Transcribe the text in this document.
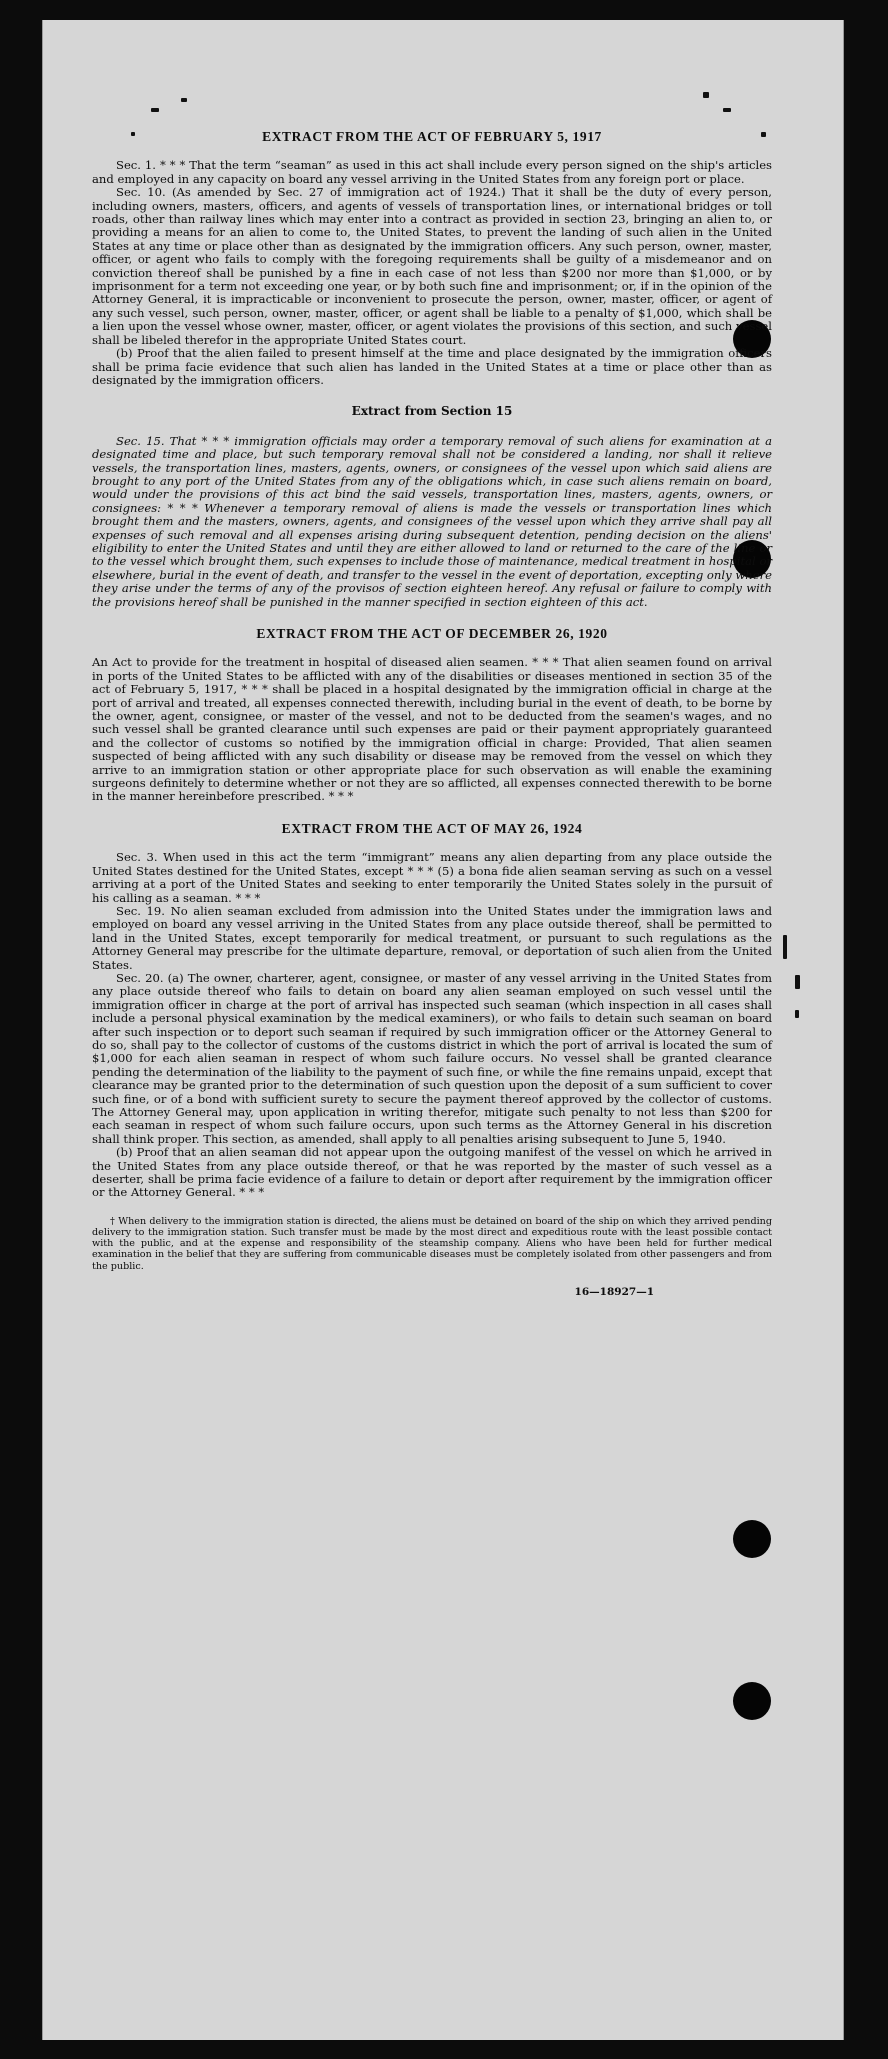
EXTRACT FROM THE ACT OF FEBRUARY 5, 1917

Sec. 1. * * * That the term “seaman” as used in this act shall include every person signed on the ship's articles and employed in any capacity on board any vessel arriving in the United States from any foreign port or place.

Sec. 10. (As amended by Sec. 27 of immigration act of 1924.) That it shall be the duty of every person, including owners, masters, officers, and agents of vessels of transportation lines, or international bridges or toll roads, other than railway lines which may enter into a contract as provided in section 23, bringing an alien to, or providing a means for an alien to come to, the United States, to prevent the landing of such alien in the United States at any time or place other than as designated by the immigration officers. Any such person, owner, master, officer, or agent who fails to comply with the foregoing requirements shall be guilty of a misdemeanor and on conviction thereof shall be punished by a fine in each case of not less than $200 nor more than $1,000, or by imprisonment for a term not exceeding one year, or by both such fine and imprisonment; or, if in the opinion of the Attorney General, it is impracticable or inconvenient to prosecute the person, owner, master, officer, or agent of any such vessel, such person, owner, master, officer, or agent shall be liable to a penalty of $1,000, which shall be a lien upon the vessel whose owner, master, officer, or agent violates the provisions of this section, and such vessel shall be libeled therefor in the appropriate United States court.

(b) Proof that the alien failed to present himself at the time and place designated by the immigration officers shall be prima facie evidence that such alien has landed in the United States at a time or place other than as designated by the immigration officers.

Extract from Section 15

Sec. 15. That * * * immigration officials may order a temporary removal of such aliens for examination at a designated time and place, but such temporary removal shall not be considered a landing, nor shall it relieve vessels, the transportation lines, masters, agents, owners, or consignees of the vessel upon which said aliens are brought to any port of the United States from any of the obligations which, in case such aliens remain on board, would under the provisions of this act bind the said vessels, transportation lines, masters, agents, owners, or consignees: * * * Whenever a temporary removal of aliens is made the vessels or transportation lines which brought them and the masters, owners, agents, and consignees of the vessel upon which they arrive shall pay all expenses of such removal and all expenses arising during subsequent detention, pending decision on the aliens' eligibility to enter the United States and until they are either allowed to land or returned to the care of the line or to the vessel which brought them, such expenses to include those of maintenance, medical treatment in hospital or elsewhere, burial in the event of death, and transfer to the vessel in the event of deportation, excepting only where they arise under the terms of any of the provisos of section eighteen hereof. Any refusal or failure to comply with the provisions hereof shall be punished in the manner specified in section eighteen of this act.

EXTRACT FROM THE ACT OF DECEMBER 26, 1920

An Act to provide for the treatment in hospital of diseased alien seamen. * * * That alien seamen found on arrival in ports of the United States to be afflicted with any of the disabilities or diseases mentioned in section 35 of the act of February 5, 1917, * * * shall be placed in a hospital designated by the immigration official in charge at the port of arrival and treated, all expenses connected therewith, including burial in the event of death, to be borne by the owner, agent, consignee, or master of the vessel, and not to be deducted from the seamen's wages, and no such vessel shall be granted clearance until such expenses are paid or their payment appropriately guaranteed and the collector of customs so notified by the immigration official in charge: Provided, That alien seamen suspected of being afflicted with any such disability or disease may be removed from the vessel on which they arrive to an immigration station or other appropriate place for such observation as will enable the examining surgeons definitely to determine whether or not they are so afflicted, all expenses connected therewith to be borne in the manner hereinbefore prescribed. * * *

EXTRACT FROM THE ACT OF MAY 26, 1924

Sec. 3. When used in this act the term “immigrant” means any alien departing from any place outside the United States destined for the United States, except * * * (5) a bona fide alien seaman serving as such on a vessel arriving at a port of the United States and seeking to enter temporarily the United States solely in the pursuit of his calling as a seaman. * * *

Sec. 19. No alien seaman excluded from admission into the United States under the immigration laws and employed on board any vessel arriving in the United States from any place outside thereof, shall be permitted to land in the United States, except temporarily for medical treatment, or pursuant to such regulations as the Attorney General may prescribe for the ultimate departure, removal, or deportation of such alien from the United States.

Sec. 20. (a) The owner, charterer, agent, consignee, or master of any vessel arriving in the United States from any place outside thereof who fails to detain on board any alien seaman employed on such vessel until the immigration officer in charge at the port of arrival has inspected such seaman (which inspection in all cases shall include a personal physical examination by the medical examiners), or who fails to detain such seaman on board after such inspection or to deport such seaman if required by such immigration officer or the Attorney General to do so, shall pay to the collector of customs of the customs district in which the port of arrival is located the sum of $1,000 for each alien seaman in respect of whom such failure occurs. No vessel shall be granted clearance pending the determination of the liability to the payment of such fine, or while the fine remains unpaid, except that clearance may be granted prior to the determination of such question upon the deposit of a sum sufficient to cover such fine, or of a bond with sufficient surety to secure the payment thereof approved by the collector of customs. The Attorney General may, upon application in writing therefor, mitigate such penalty to not less than $200 for each seaman in respect of whom such failure occurs, upon such terms as the Attorney General in his discretion shall think proper. This section, as amended, shall apply to all penalties arising subsequent to June 5, 1940.

(b) Proof that an alien seaman did not appear upon the outgoing manifest of the vessel on which he arrived in the United States from any place outside thereof, or that he was reported by the master of such vessel as a deserter, shall be prima facie evidence of a failure to detain or deport after requirement by the immigration officer or the Attorney General. * * *

† When delivery to the immigration station is directed, the aliens must be detained on board of the ship on which they arrived pending delivery to the immigration station. Such transfer must be made by the most direct and expeditious route with the least possible contact with the public, and at the expense and responsibility of the steamship company. Aliens who have been held for further medical examination in the belief that they are suffering from communicable diseases must be completely isolated from other passengers and from the public.
16—18927—1
